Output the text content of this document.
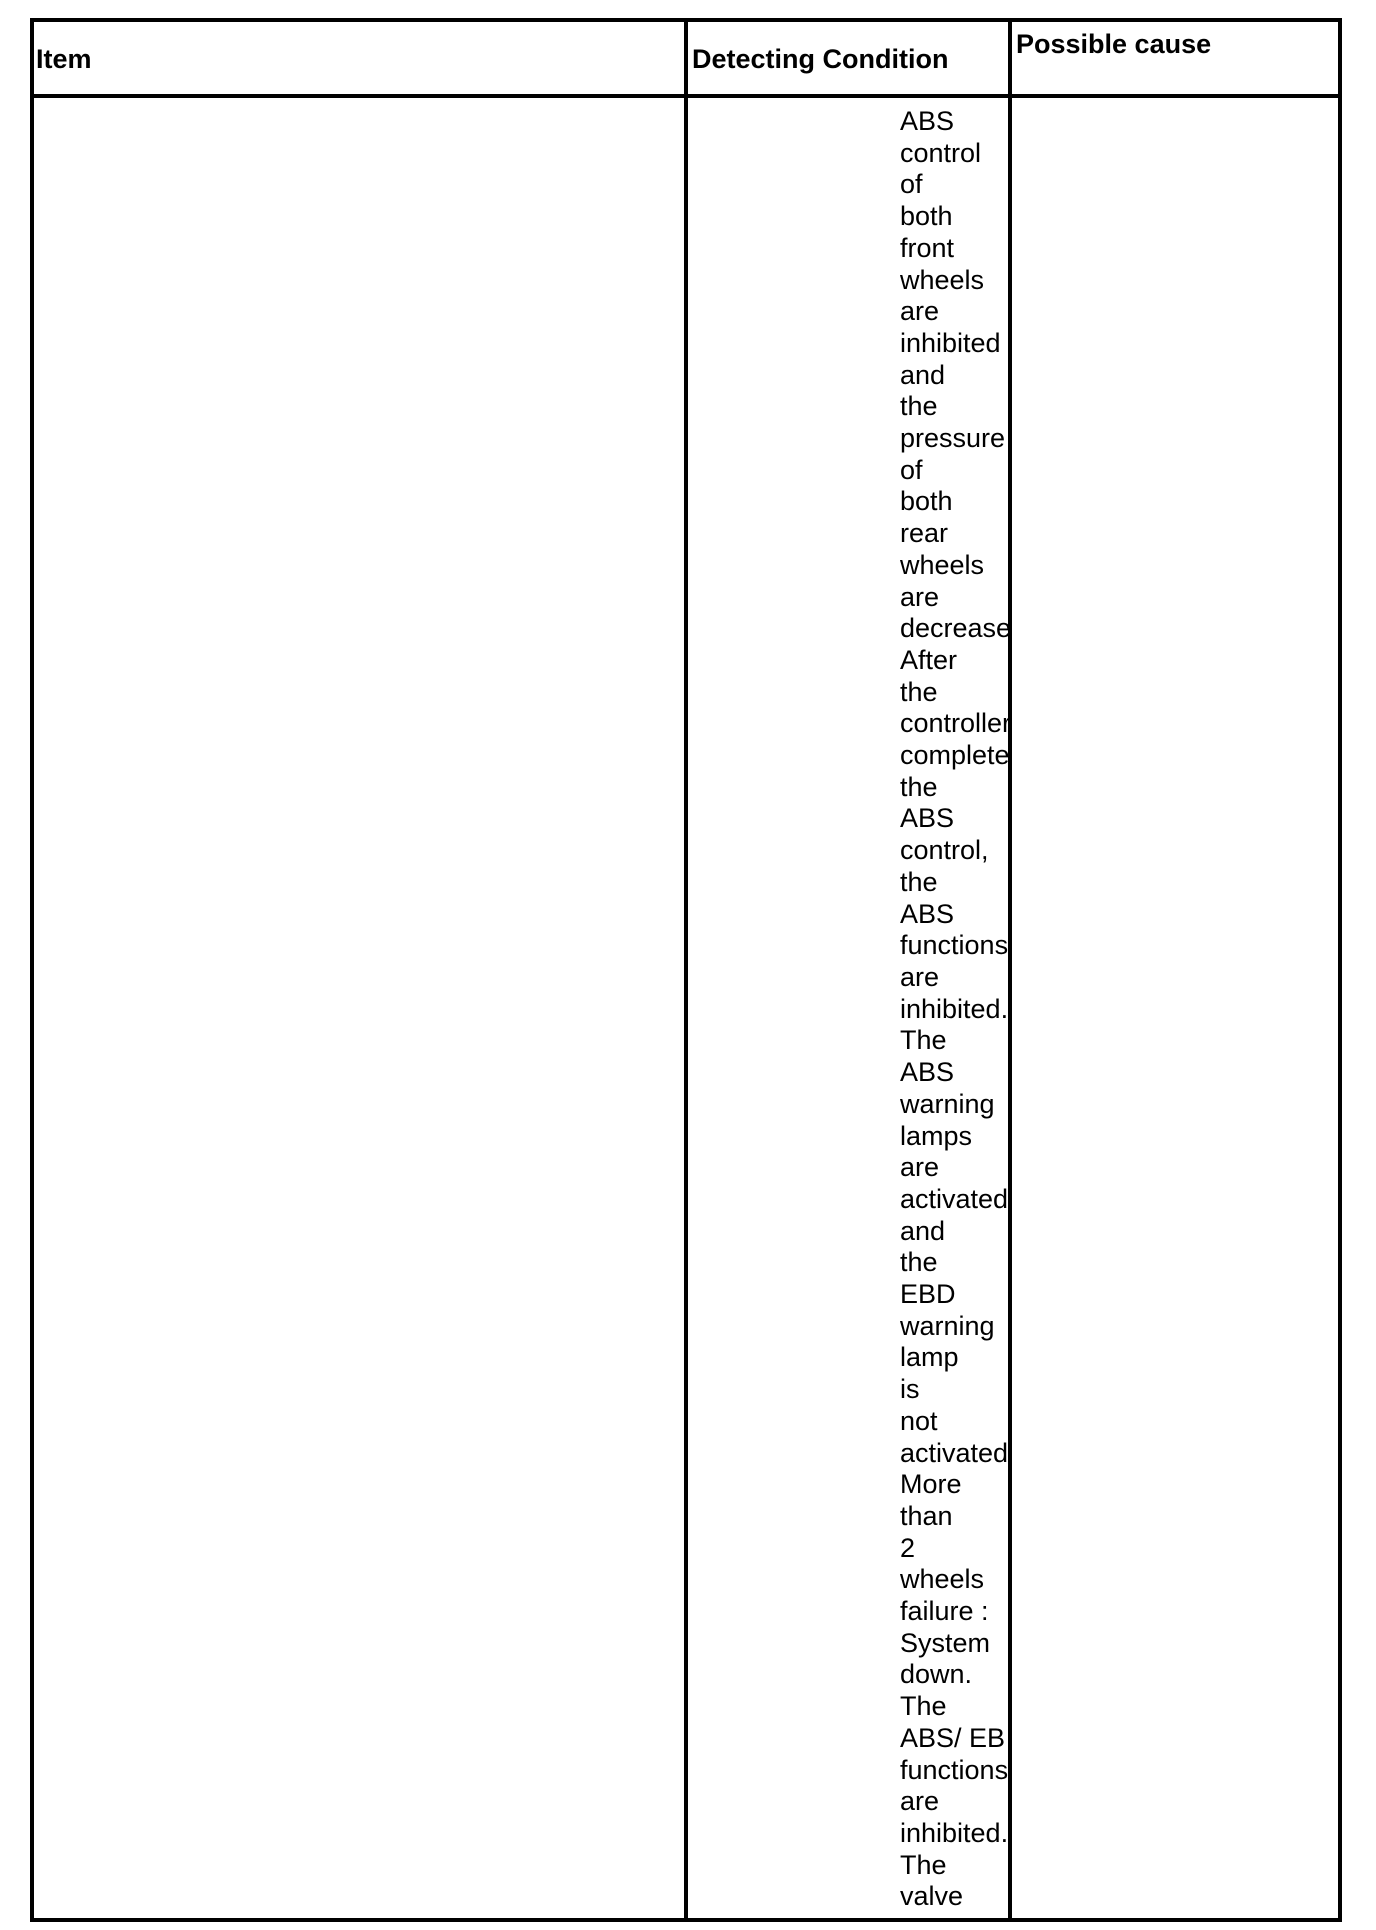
Item	Detecting Condition	Possible cause
ABS
control
of
both
front
wheels
are
inhibited
and
the
pressure
of
both
rear
wheels
are
decrease
After
the
controller
complete
the
ABS
control,
the
ABS
functions
are
inhibited.
The
ABS
warning
lamps
are
activated
and
the
EBD
warning
lamp
is
not
activated
More
than
2
wheels
failure :
System
down.
The
ABS/ EB
functions
are
inhibited.
The
valve
